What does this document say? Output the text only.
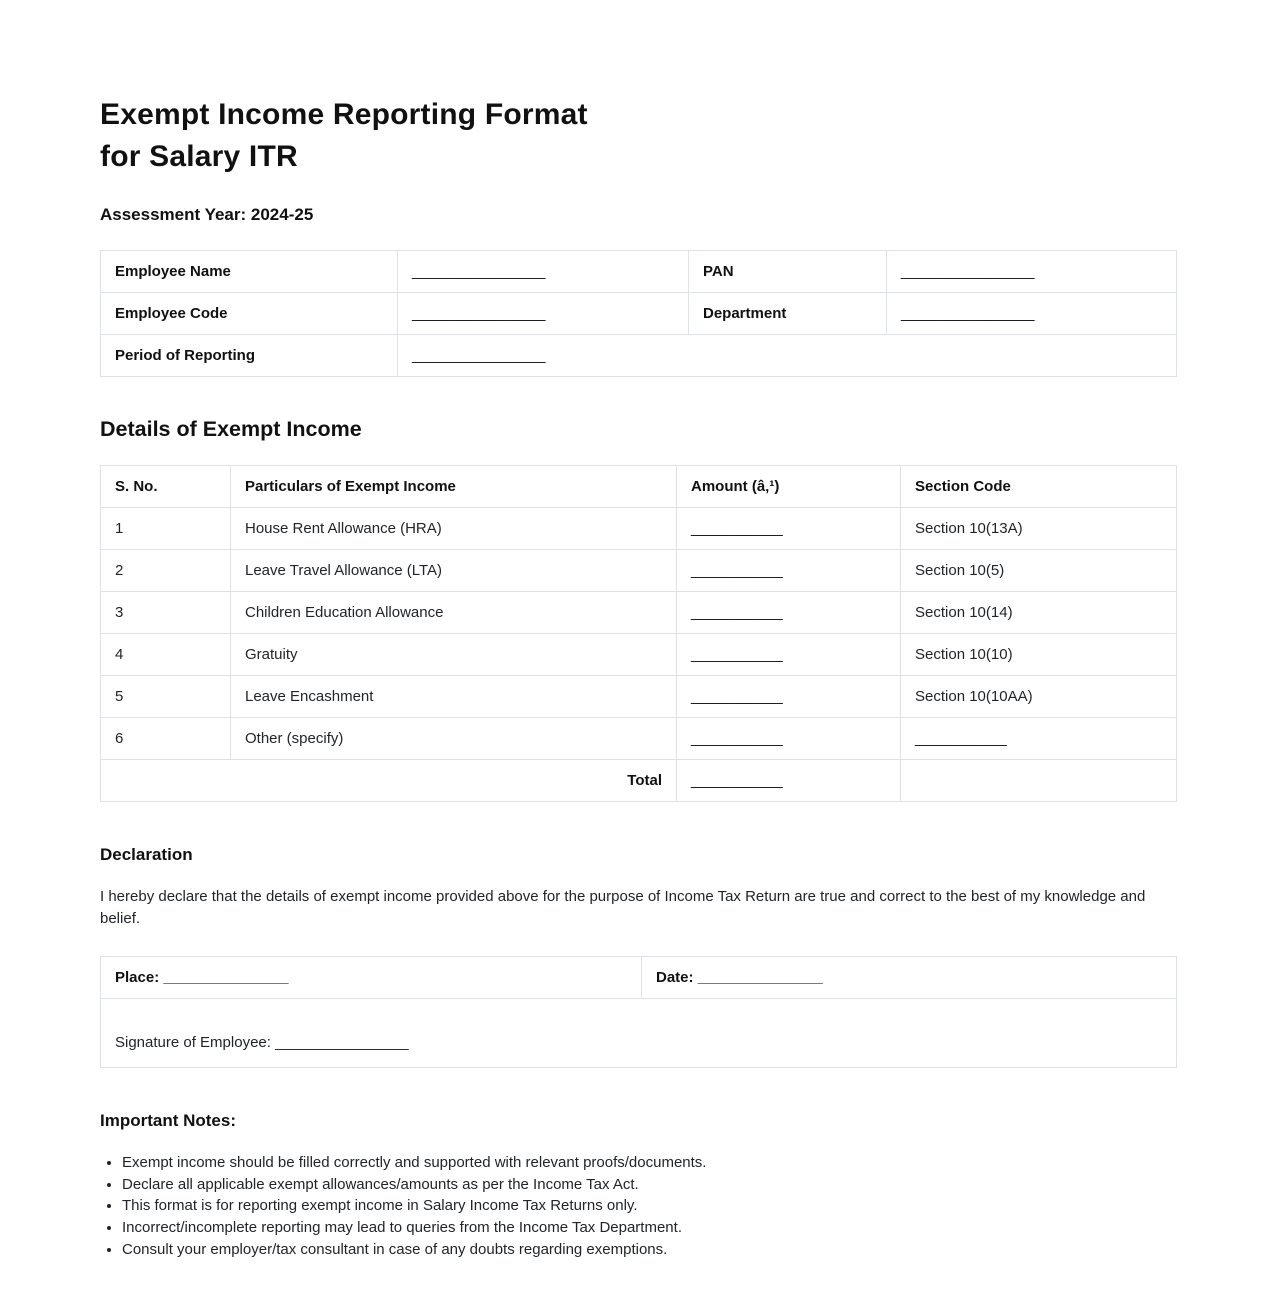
Exempt Income Reporting Format
for Salary ITR

Assessment Year: 2024-25

Employee Name	________________	PAN	________________
Employee Code	________________	Department	________________
Period of Reporting	________________		
Details of Exempt Income
S. No.	Particulars of Exempt Income	Amount (â‚¹)	Section Code
1	House Rent Allowance (HRA)	___________	Section 10(13A)
2	Leave Travel Allowance (LTA)	___________	Section 10(5)
3	Children Education Allowance	___________	Section 10(14)
4	Gratuity	___________	Section 10(10)
5	Leave Encashment	___________	Section 10(10AA)
6	Other (specify)	___________	___________
Total		___________	
Declaration

I hereby declare that the details of exempt income provided above for the purpose of Income Tax Return are true and correct to the best of my knowledge and belief.

Place: _______________	Date: _______________
Signature of Employee: ________________
Important Notes:
• Exempt income should be filled correctly and supported with relevant proofs/documents.
• Declare all applicable exempt allowances/amounts as per the Income Tax Act.
• This format is for reporting exempt income in Salary Income Tax Returns only.
• Incorrect/incomplete reporting may lead to queries from the Income Tax Department.
• Consult your employer/tax consultant in case of any doubts regarding exemptions.
